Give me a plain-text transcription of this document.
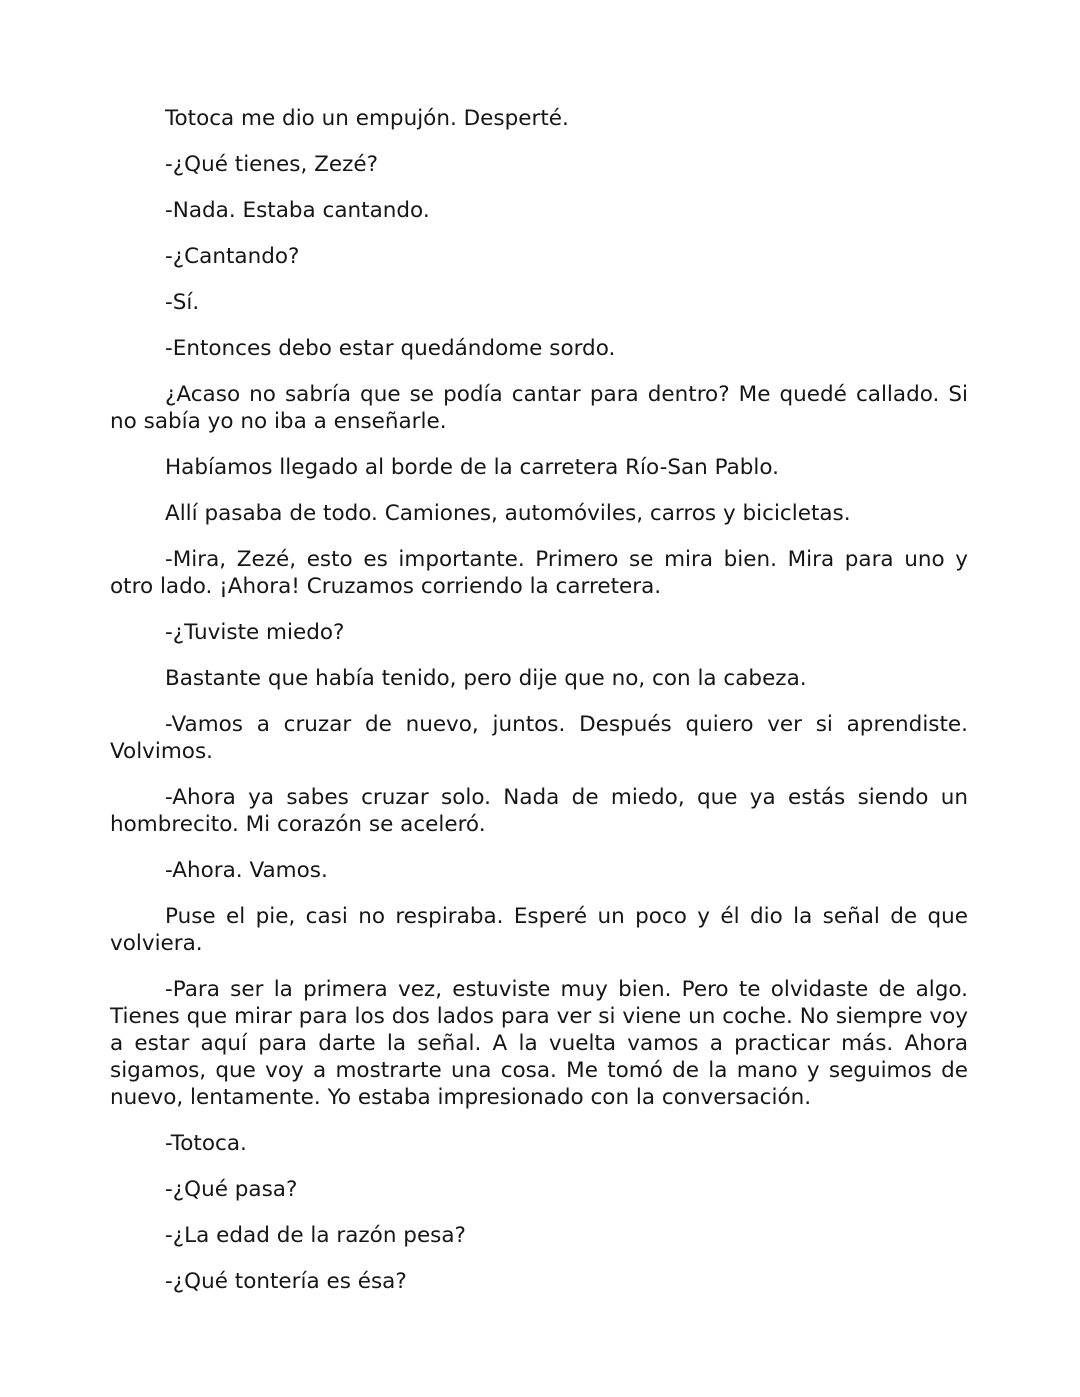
Totoca me dio un empujón. Desperté.

-¿Qué tienes, Zezé?

-Nada. Estaba cantando.

-¿Cantando?

-Sí.

-Entonces debo estar quedándome sordo.

¿Acaso no sabría que se podía cantar para dentro? Me quedé callado. Si no sabía yo no iba a enseñarle.

Habíamos llegado al borde de la carretera Río-San Pablo.

Allí pasaba de todo. Camiones, automóviles, carros y bicicletas.

-Mira, Zezé, esto es importante. Primero se mira bien. Mira para uno y otro lado. ¡Ahora! Cruzamos corriendo la carretera.

-¿Tuviste miedo?

Bastante que había tenido, pero dije que no, con la cabeza.

-Vamos a cruzar de nuevo, juntos. Después quiero ver si aprendiste. Volvimos.

-Ahora ya sabes cruzar solo. Nada de miedo, que ya estás siendo un hombrecito. Mi corazón se aceleró.

-Ahora. Vamos.

Puse el pie, casi no respiraba. Esperé un poco y él dio la señal de que volviera.

-Para ser la primera vez, estuviste muy bien. Pero te olvidaste de algo. Tienes que mirar para los dos lados para ver si viene un coche. No siempre voy a estar aquí para darte la señal. A la vuelta vamos a practicar más. Ahora sigamos, que voy a mostrarte una cosa. Me tomó de la mano y seguimos de nuevo, lentamente. Yo estaba impresionado con la conversación.

-Totoca.

-¿Qué pasa?

-¿La edad de la razón pesa?

-¿Qué tontería es ésa?
